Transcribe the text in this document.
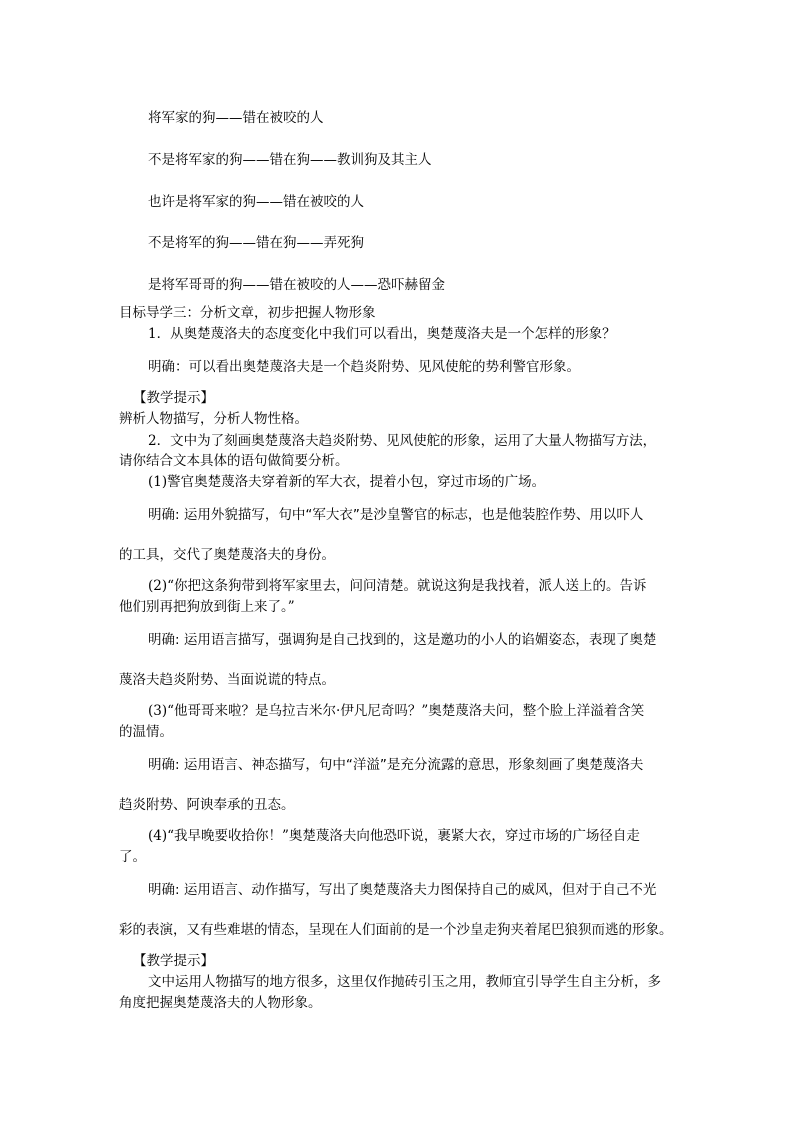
将军家的狗——错在被咬的人

不是将军家的狗——错在狗——教训狗及其主人

也许是将军家的狗——错在被咬的人

不是将军的狗——错在狗——弄死狗

是将军哥哥的狗——错在被咬的人——恐吓赫留金

目标导学三：分析文章，初步把握人物形象

1．从奥楚蔑洛夫的态度变化中我们可以看出，奥楚蔑洛夫是一个怎样的形象？

明确：可以看出奥楚蔑洛夫是一个趋炎附势、见风使舵的势利警官形象。

【教学提示】

辨析人物描写，分析人物性格。

2．文中为了刻画奥楚蔑洛夫趋炎附势、见风使舵的形象，运用了大量人物描写方法，

请你结合文本具体的语句做简要分析。

(1)警官奥楚蔑洛夫穿着新的军大衣，提着小包，穿过市场的广场。

明确: 运用外貌描写，句中“军大衣”是沙皇警官的标志，也是他装腔作势、用以吓人

的工具，交代了奥楚蔑洛夫的身份。

(2)“你把这条狗带到将军家里去，问问清楚。就说这狗是我找着，派人送上的。告诉

他们别再把狗放到街上来了。”

明确: 运用语言描写，强调狗是自己找到的，这是邀功的小人的谄媚姿态，表现了奥楚

蔑洛夫趋炎附势、当面说谎的特点。

(3)“他哥哥来啦？是乌拉吉米尔·伊凡尼奇吗？”奥楚蔑洛夫问，整个脸上洋溢着含笑

的温情。

明确: 运用语言、神态描写，句中“洋溢”是充分流露的意思，形象刻画了奥楚蔑洛夫

趋炎附势、阿谀奉承的丑态。

(4)“我早晚要收拾你！”奥楚蔑洛夫向他恐吓说，裹紧大衣，穿过市场的广场径自走

了。

明确: 运用语言、动作描写，写出了奥楚蔑洛夫力图保持自己的威风，但对于自己不光

彩的表演，又有些难堪的情态，呈现在人们面前的是一个沙皇走狗夹着尾巴狼狈而逃的形象。

【教学提示】

文中运用人物描写的地方很多，这里仅作抛砖引玉之用，教师宜引导学生自主分析，多

角度把握奥楚蔑洛夫的人物形象。
